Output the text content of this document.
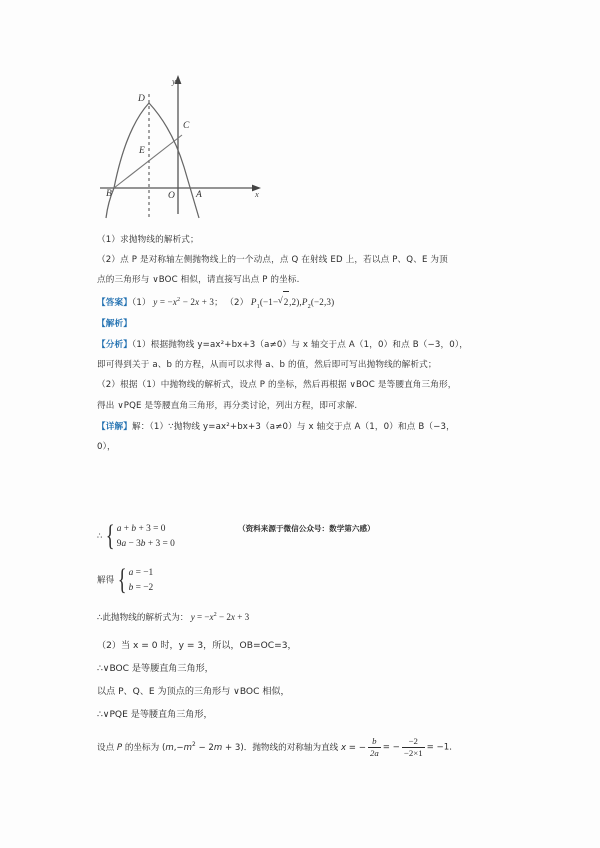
B	O A
D
C
E
y
x
（1）求抛物线的解析式；
（2）点 P 是对称轴左侧抛物线上的一个动点，点 Q 在射线 ED 上，若以点 P、Q、E 为顶
点的三角形与 ∨BOC 相似，请直接写出点 P 的坐标.
【答案】（1） $y = -x^2 - 2x + 3$； （2） $P_1(-1-$ √ $2,2),P_2(-2,3)$
【解析】
【分析】（1）根据抛物线 y=ax²+bx+3（a≠0）与 x 轴交于点 A（1，0）和点 B（−3，0），
即可得到关于 a、b 的方程，从而可以求得 a、b 的值，然后即可写出抛物线的解析式；
（2）根据（1）中抛物线的解析式，设点 P 的坐标，然后再根据 ∨BOC 是等腰直角三角形，
得出 ∨PQE 是等腰直角三角形，再分类讨论，列出方程，即可求解.
【详解】解：（1）∵抛物线 y=ax²+bx+3（a≠0）与 x 轴交于点 A（1，0）和点 B（−3，
0），
∴ { a + b + 3 = 0
9a − 3b + 3 = 0
（资料来源于微信公众号：数学第六感）
解得 { a = −1
b = −2
∴此抛物线的解析式为： $y = -x^2 - 2x + 3$
（2）当 x = 0 时，y = 3，所以，OB=OC=3，
∴∨BOC 是等腰直角三角形，
以点 P、Q、E 为顶点的三角形与 ∨BOC 相似，
∴∨PQE 是等腰直角三角形，
设点 P 的坐标为 $(m,-m^2 - 2m + 3)$．抛物线的对称轴为直线 x = − $\frac{b}{2a}$ = − $\frac{-2}{-2\times 1} = -1$．
